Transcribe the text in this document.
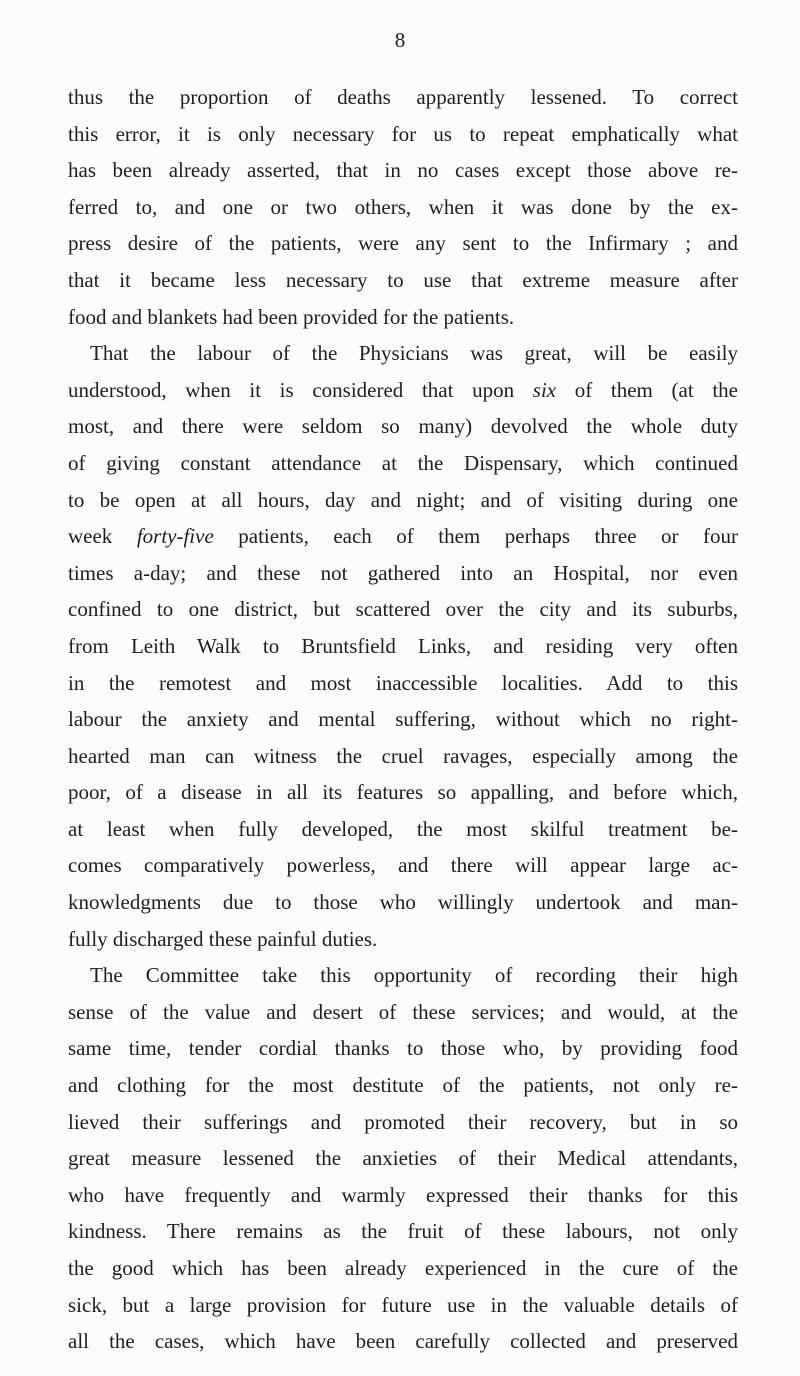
8
thus the proportion of deaths apparently lessened. To correct
this error, it is only necessary for us to repeat emphatically what
has been already asserted, that in no cases except those above re-
ferred to, and one or two others, when it was done by the ex-
press desire of the patients, were any sent to the Infirmary ; and
that it became less necessary to use that extreme measure after
food and blankets had been provided for the patients.
That the labour of the Physicians was great, will be easily
understood, when it is considered that upon six of them (at the
most, and there were seldom so many) devolved the whole duty
of giving constant attendance at the Dispensary, which continued
to be open at all hours, day and night; and of visiting during one
week forty-five patients, each of them perhaps three or four
times a-day; and these not gathered into an Hospital, nor even
confined to one district, but scattered over the city and its suburbs,
from Leith Walk to Bruntsfield Links, and residing very often
in the remotest and most inaccessible localities. Add to this
labour the anxiety and mental suffering, without which no right-
hearted man can witness the cruel ravages, especially among the
poor, of a disease in all its features so appalling, and before which,
at least when fully developed, the most skilful treatment be-
comes comparatively powerless, and there will appear large ac-
knowledgments due to those who willingly undertook and man-
fully discharged these painful duties.
The Committee take this opportunity of recording their high
sense of the value and desert of these services; and would, at the
same time, tender cordial thanks to those who, by providing food
and clothing for the most destitute of the patients, not only re-
lieved their sufferings and promoted their recovery, but in so
great measure lessened the anxieties of their Medical attendants,
who have frequently and warmly expressed their thanks for this
kindness. There remains as the fruit of these labours, not only
the good which has been already experienced in the cure of the
sick, but a large provision for future use in the valuable details of
all the cases, which have been carefully collected and preserved
